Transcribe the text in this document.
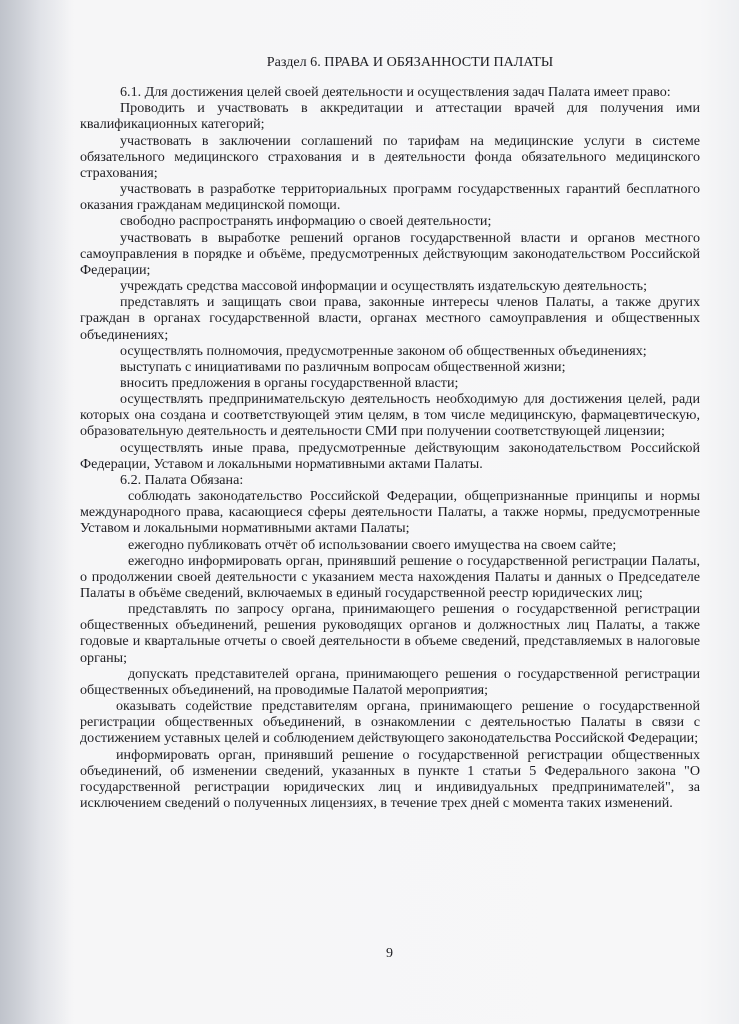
Раздел 6. ПРАВА И ОБЯЗАННОСТИ ПАЛАТЫ

6.1. Для достижения целей своей деятельности и осуществления задач Палата имеет право:

Проводить и участвовать в аккредитации и аттестации врачей для получения ими квалификационных категорий;

участвовать в заключении соглашений по тарифам на медицинские услуги в системе обязательного медицинского страхования и в деятельности фонда обязательного медицинского страхования;

участвовать в разработке территориальных программ государственных гарантий бесплатного оказания гражданам медицинской помощи.

свободно распространять информацию о своей деятельности;

участвовать в выработке решений органов государственной власти и органов местного самоуправления в порядке и объёме, предусмотренных действующим законодательством Российской Федерации;

учреждать средства массовой информации и осуществлять издательскую деятельность;

представлять и защищать свои права, законные интересы членов Палаты, а также других граждан в органах государственной власти, органах местного самоуправления и общественных объединениях;

осуществлять полномочия, предусмотренные законом об общественных объединениях;

выступать с инициативами по различным вопросам общественной жизни;

вносить предложения в органы государственной власти;

осуществлять предпринимательскую деятельность необходимую для достижения целей, ради которых она создана и соответствующей этим целям, в том числе медицинскую, фармацевтическую, образовательную деятельность и деятельности СМИ при получении соответствующей лицензии;

осуществлять иные права, предусмотренные действующим законодательством Российской Федерации, Уставом и локальными нормативными актами Палаты.

6.2. Палата Обязана:

соблюдать законодательство Российской Федерации, общепризнанные принципы и нормы международного права, касающиеся сферы деятельности Палаты, а также нормы, предусмотренные Уставом и локальными нормативными актами Палаты;

ежегодно публиковать отчёт об использовании своего имущества на своем сайте;

ежегодно информировать орган, принявший решение о государственной регистрации Палаты, о продолжении своей деятельности с указанием места нахождения Палаты и данных о Председателе Палаты в объёме сведений, включаемых в единый государственной реестр юридических лиц;

представлять по запросу органа, принимающего решения о государственной регистрации общественных объединений, решения руководящих органов и должностных лиц Палаты, а также годовые и квартальные отчеты о своей деятельности в объеме сведений, представляемых в налоговые органы;

допускать представителей органа, принимающего решения о государственной регистрации общественных объединений, на проводимые Палатой мероприятия;

оказывать содействие представителям органа, принимающего решение о государственной регистрации общественных объединений, в ознакомлении с деятельностью Палаты в связи с достижением уставных целей и соблюдением действующего законодательства Российской Федерации;

информировать орган, принявший решение о государственной регистрации общественных объединений, об изменении сведений, указанных в пункте 1 статьи 5 Федерального закона "О государственной регистрации юридических лиц и индивидуальных предпринимателей", за исключением сведений о полученных лицензиях, в течение трех дней с момента таких изменений.

9
